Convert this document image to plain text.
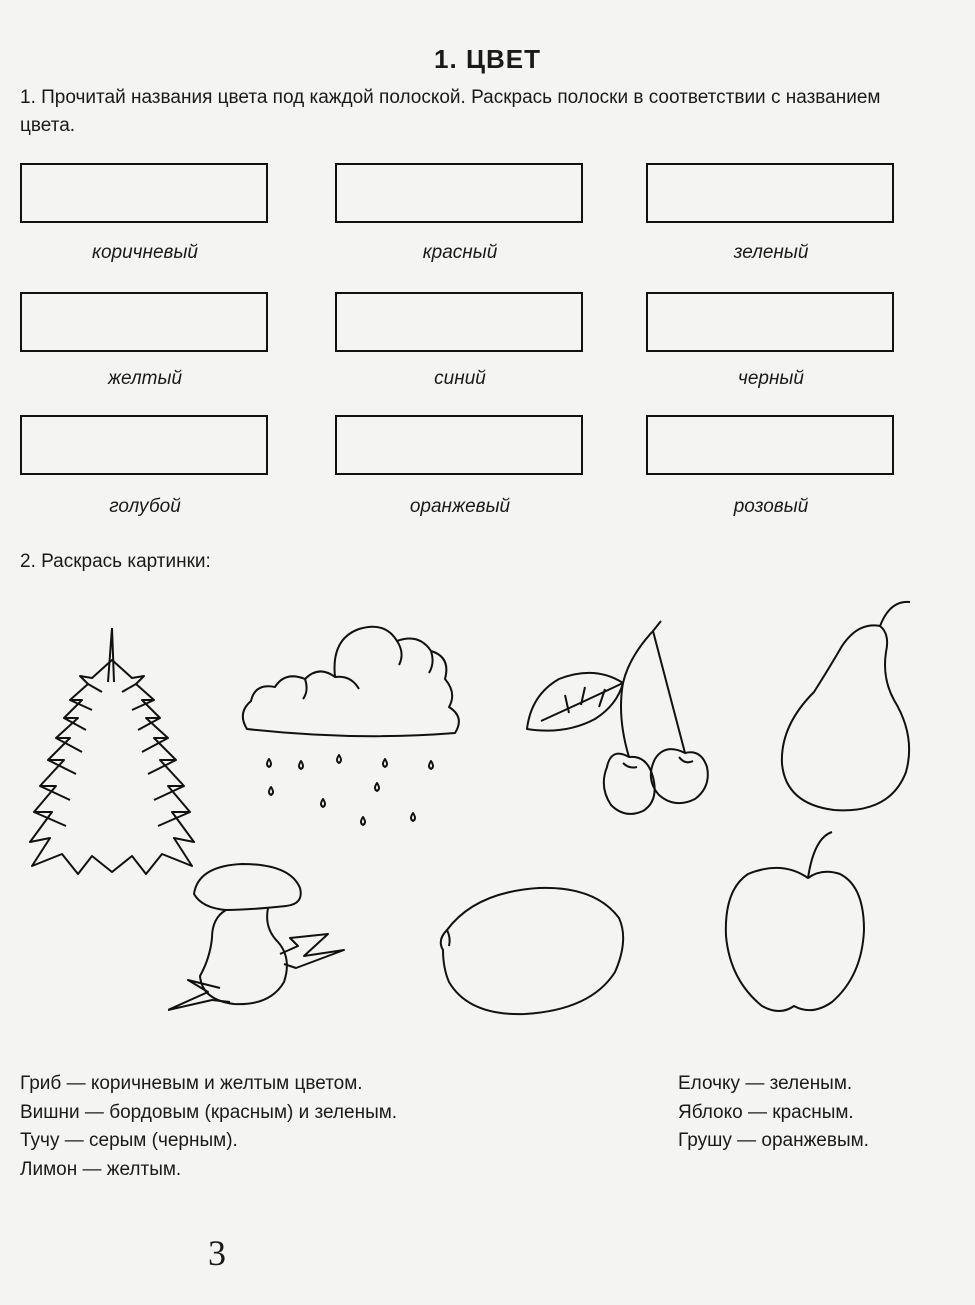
1. ЦВЕТ
1. Прочитай названия цвета под каждой полоской. Раскрась полоски в соответствии с названием цвета.
коричневый	красный	зеленый
желтый	синий	черный
голубой	оранжевый	розовый
2. Раскрась картинки:
Гриб — коричневым и желтым цветом.
Вишни — бордовым (красным) и зеленым.
Тучу — серым (черным).
Лимон — желтым.
Елочку — зеленым.
Яблоко — красным.
Грушу — оранжевым.
3
